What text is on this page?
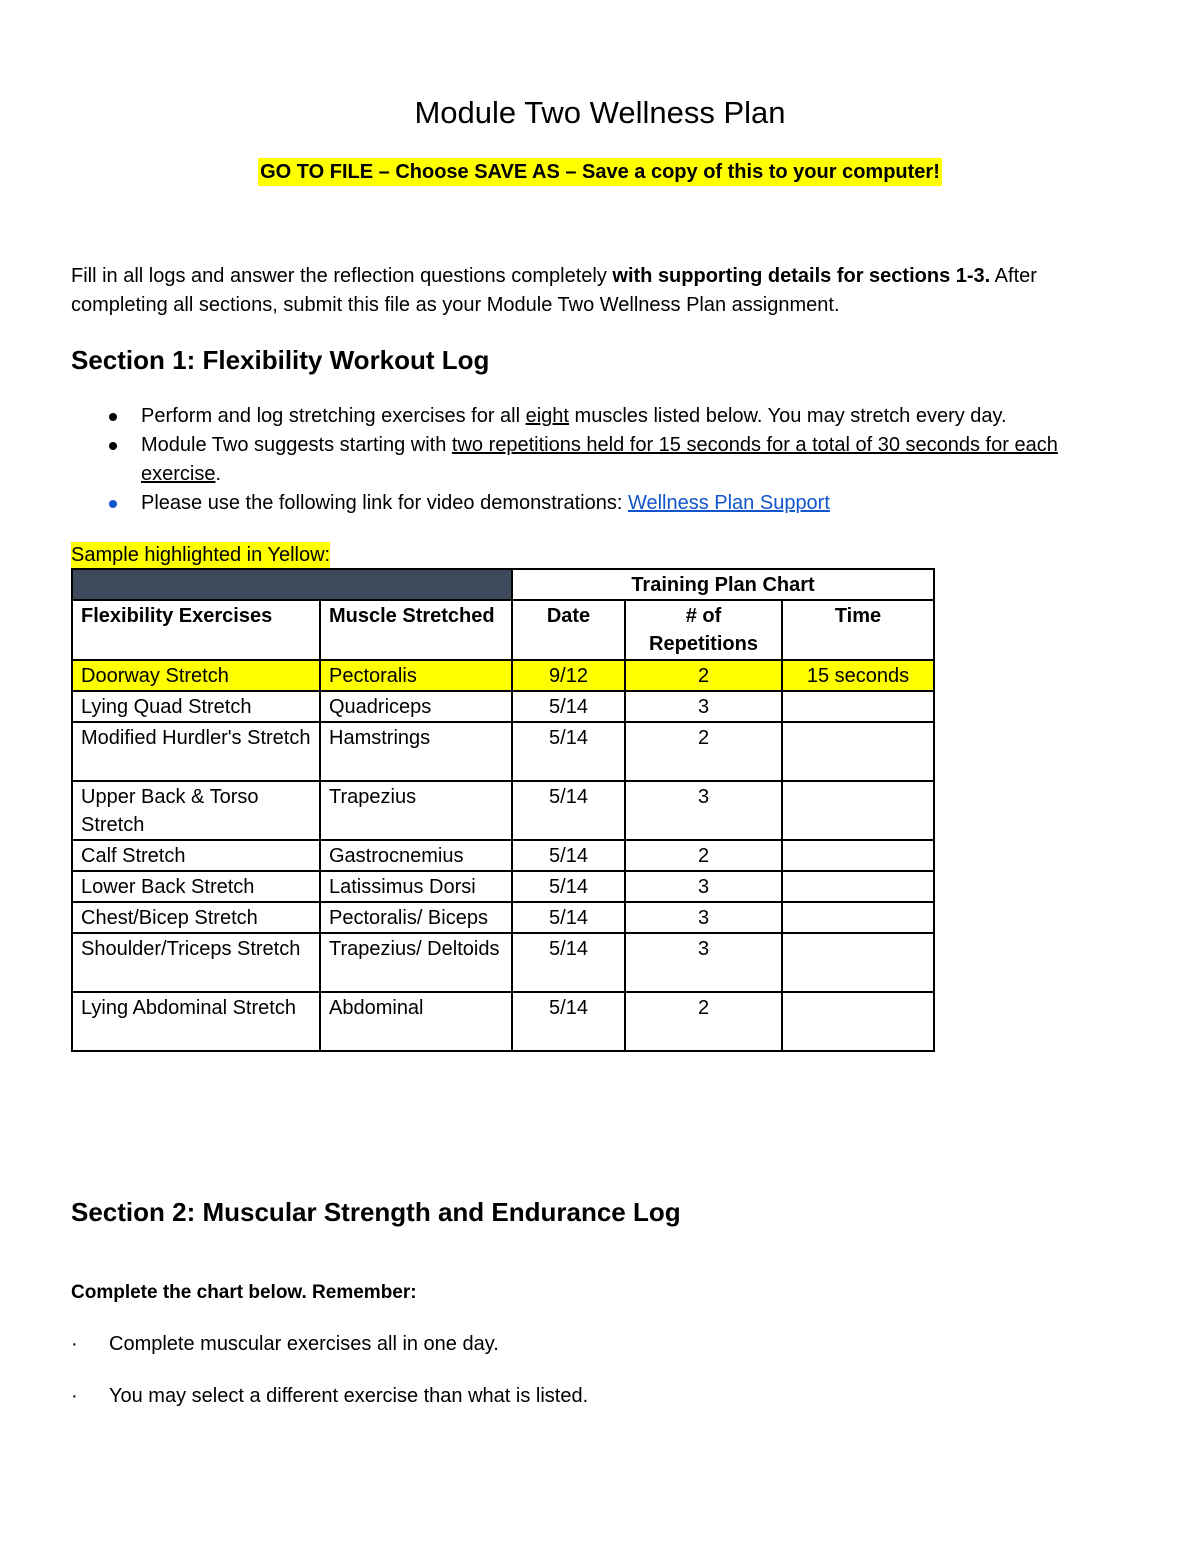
Module Two Wellness Plan
GO TO FILE – Choose SAVE AS – Save a copy of this to your computer!
Fill in all logs and answer the reflection questions completely with supporting details for sections 1-3. After completing all sections, submit this file as your Module Two Wellness Plan assignment.
Section 1: Flexibility Workout Log
Perform and log stretching exercises for all eight muscles listed below. You may stretch every day.
Module Two suggests starting with two repetitions held for 15 seconds for a total of 30 seconds for each exercise.
Please use the following link for video demonstrations: Wellness Plan Support
Sample highlighted in Yellow:
		Training Plan Chart		
Flexibility Exercises	Muscle Stretched	Date	# of Repetitions	Time
Doorway Stretch	Pectoralis	9/12	2	15 seconds
Lying Quad Stretch	Quadriceps	5/14	3	
Modified Hurdler's Stretch	Hamstrings	5/14	2	
Upper Back & Torso Stretch	Trapezius	5/14	3	
Calf Stretch	Gastrocnemius	5/14	2	
Lower Back Stretch	Latissimus Dorsi	5/14	3	
Chest/Bicep Stretch	Pectoralis/ Biceps	5/14	3	
Shoulder/Triceps Stretch	Trapezius/ Deltoids	5/14	3	
Lying Abdominal Stretch	Abdominal	5/14	2	
Section 2: Muscular Strength and Endurance Log
Complete the chart below. Remember:
· Complete muscular exercises all in one day.
· You may select a different exercise than what is listed.
